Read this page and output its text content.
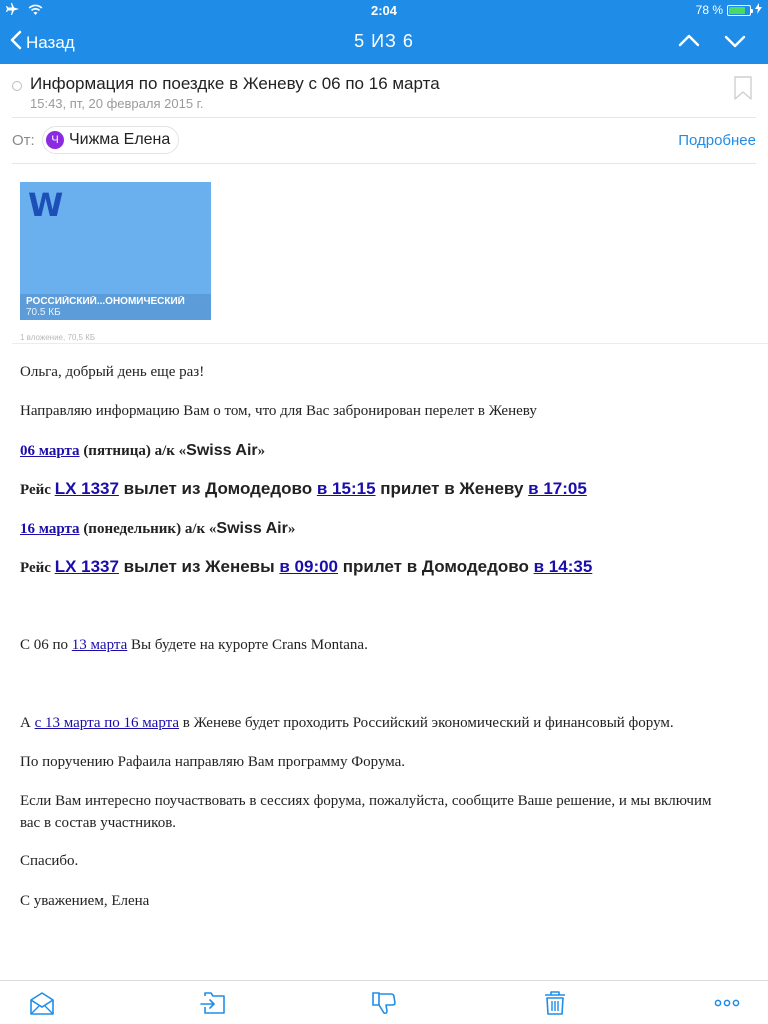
2:04	78 %
Назад	5 ИЗ 6
Информация по поездке в Женеву с 06 по 16 марта
15:43, пт, 20 февраля 2015 г.
От:	Ч Чижма Елена	Подробнее
W
РОССИЙСКИЙ...ОНОМИЧЕСКИЙ
70.5 КБ
1 вложение, 70,5 КБ
Ольга, добрый день еще раз!
Направляю информацию Вам о том, что для Вас забронирован перелет в Женеву
06 марта (пятница) а/к «Swiss Air»
Рейс LX 1337 вылет из Домодедово в 15:15 прилет в Женеву в 17:05
16 марта (понедельник) а/к «Swiss Air»
Рейс LX 1337 вылет из Женевы в 09:00 прилет в Домодедово в 14:35
С 06 по 13 марта Вы будете на курорте Crans Montana.
А с 13 марта по 16 марта в Женеве будет проходить Российский экономический и финансовый форум.
По поручению Рафаила направляю Вам программу Форума.
Если Вам интересно поучаствовать в сессиях форума, пожалуйста, сообщите Ваше решение, и мы включим вас в состав участников.
Спасибо.
С уважением, Елена
